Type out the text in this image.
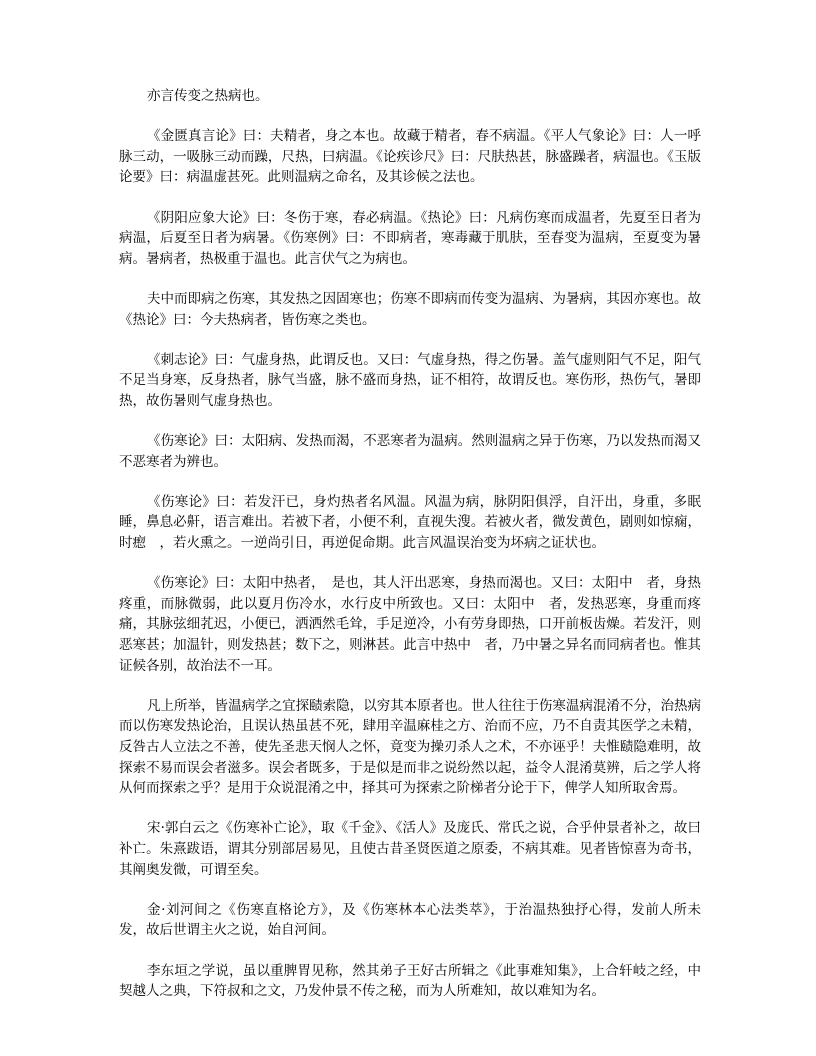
亦言传变之热病也。

《金匮真言论》曰：夫精者，身之本也。故藏于精者，春不病温。《平人气象论》曰：人一呼脉三动，一吸脉三动而躁，尺热，曰病温。《论疾诊尺》曰：尺肤热甚，脉盛躁者，病温也。《玉版论要》曰：病温虚甚死。此则温病之命名，及其诊候之法也。

《阴阳应象大论》曰：冬伤于寒，春必病温。《热论》曰：凡病伤寒而成温者，先夏至日者为病温，后夏至日者为病暑。《伤寒例》曰：不即病者，寒毒藏于肌肤，至春变为温病，至夏变为暑病。暑病者，热极重于温也。此言伏气之为病也。

夫中而即病之伤寒，其发热之因固寒也；伤寒不即病而传变为温病、为暑病，其因亦寒也。故《热论》曰：今夫热病者，皆伤寒之类也。

《刺志论》曰：气虚身热，此谓反也。又曰：气虚身热，得之伤暑。盖气虚则阳气不足，阳气不足当身寒，反身热者，脉气当盛，脉不盛而身热，证不相符，故谓反也。寒伤形，热伤气，暑即热，故伤暑则气虚身热也。

《伤寒论》曰：太阳病、发热而渴，不恶寒者为温病。然则温病之异于伤寒，乃以发热而渴又不恶寒者为辨也。

《伤寒论》曰：若发汗已，身灼热者名风温。风温为病，脉阴阳俱浮，自汗出，身重，多眠睡，鼻息必鼾，语言难出。若被下者，小便不利，直视失溲。若被火者，微发黄色，剧则如惊痫，时瘛　，若火熏之。一逆尚引日，再逆促命期。此言风温误治变为坏病之证状也。

《伤寒论》曰：太阳中热者，　是也，其人汗出恶寒，身热而渴也。又曰：太阳中　者，身热疼重，而脉微弱，此以夏月伤冷水，水行皮中所致也。又曰：太阳中　者，发热恶寒，身重而疼痛，其脉弦细芤迟，小便已，洒洒然毛耸，手足逆冷，小有劳身即热，口开前板齿燥。若发汗，则恶寒甚；加温针，则发热甚；数下之，则淋甚。此言中热中　者，乃中暑之异名而同病者也。惟其证候各别，故治法不一耳。

凡上所举，皆温病学之宜探赜索隐，以穷其本原者也。世人往往于伤寒温病混淆不分，治热病而以伤寒发热论治，且误认热虽甚不死，肆用辛温麻桂之方、治而不应，乃不自责其医学之未精，反咎古人立法之不善，使先圣悲天悯人之怀，竟变为操刃杀人之术，不亦诬乎！夫惟赜隐难明，故探索不易而误会者滋多。误会者既多，于是似是而非之说纷然以起，益令人混淆莫辨，后之学人将从何而探索之乎？是用于众说混淆之中，择其可为探索之阶梯者分论于下，俾学人知所取舍焉。

宋·郭白云之《伤寒补亡论》，取《千金》、《活人》及庞氏、常氏之说，合乎仲景者补之，故曰补亡。朱熹跋语，谓其分别部居易见，且使古昔圣贤医道之原委，不病其难。见者皆惊喜为奇书，其阐奥发微，可谓至矣。

金·刘河间之《伤寒直格论方》，及《伤寒林本心法类萃》，于治温热独抒心得，发前人所未发，故后世谓主火之说，始自河间。

李东垣之学说，虽以重脾胃见称，然其弟子王好古所辑之《此事难知集》，上合轩岐之经，中契越人之典，下符叔和之文，乃发仲景不传之秘，而为人所难知，故以难知为名。
